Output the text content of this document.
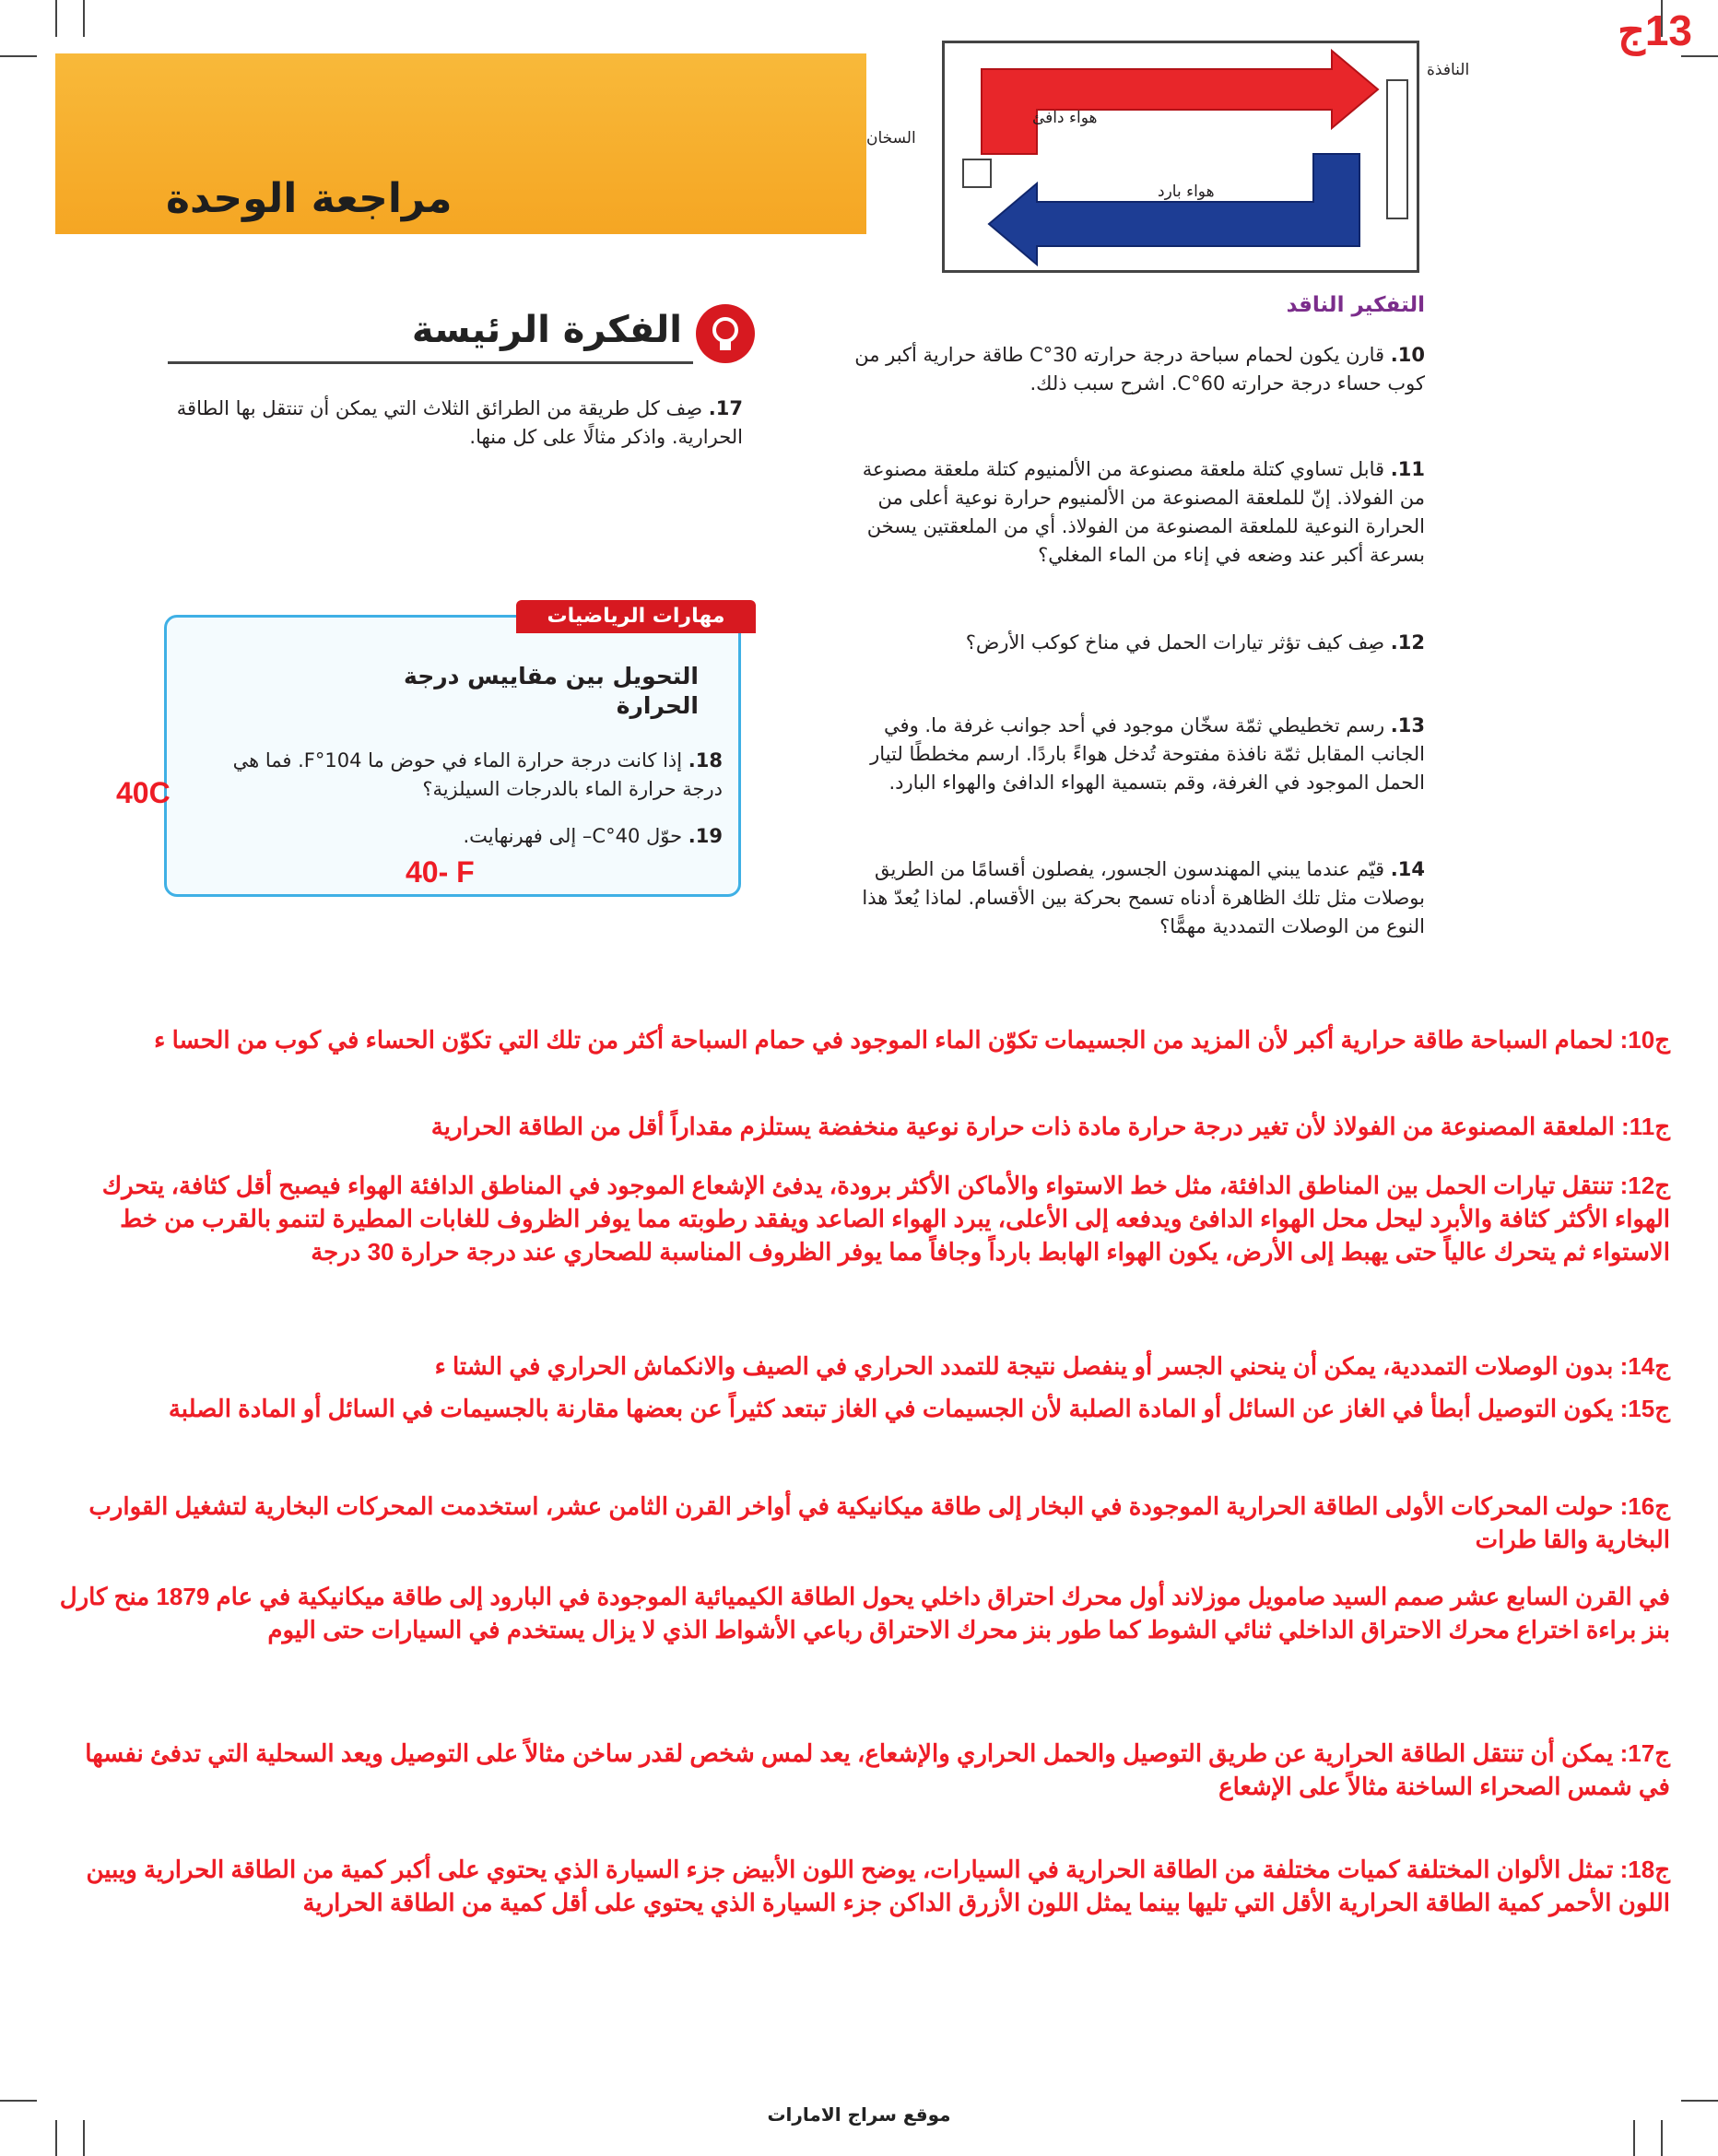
13ج
مراجعة الوحدة
النافذة
السخان
هواء دافئ
هواء بارد
الفكرة الرئيسة
17. صِف كل طريقة من الطرائق الثلاث التي يمكن أن تنتقل بها الطاقة الحرارية. واذكر مثالًا على كل منها.
مهارات الرياضيات
التحويل بين مقاييس درجة الحرارة
18. إذا كانت درجة حرارة الماء في حوض ما 104°F. فما هي درجة حرارة الماء بالدرجات السيلزية؟
19. حوّل 40°C– إلى فهرنهايت.
40C
40- F
التفكير الناقد
10. قارن يكون لحمام سباحة درجة حرارته 30°C طاقة حرارية أكبر من كوب حساء درجة حرارته 60°C. اشرح سبب ذلك.
11. قابل تساوي كتلة ملعقة مصنوعة من الألمنيوم كتلة ملعقة مصنوعة من الفولاذ. إنّ للملعقة المصنوعة من الألمنيوم حرارة نوعية أعلى من الحرارة النوعية للملعقة المصنوعة من الفولاذ. أي من الملعقتين يسخن بسرعة أكبر عند وضعه في إناء من الماء المغلي؟
12. صِف كيف تؤثر تيارات الحمل في مناخ كوكب الأرض؟
13. رسم تخطيطي ثمّة سخّان موجود في أحد جوانب غرفة ما. وفي الجانب المقابل ثمّة نافذة مفتوحة تُدخل هواءً باردًا. ارسم مخططًا لتيار الحمل الموجود في الغرفة، وقم بتسمية الهواء الدافئ والهواء البارد.
14. قيّم عندما يبني المهندسون الجسور، يفصلون أقسامًا من الطريق بوصلات مثل تلك الظاهرة أدناه تسمح بحركة بين الأقسام. لماذا يُعدّ هذا النوع من الوصلات التمددية مهمًّا؟
ج10: لحمام السباحة طاقة حرارية أكبر لأن المزيد من الجسيمات تكوّن الماء الموجود في حمام السباحة أكثر من تلك التي تكوّن الحساء في كوب من الحسا ء
ج11: الملعقة المصنوعة من الفولاذ لأن تغير درجة حرارة مادة ذات حرارة نوعية منخفضة يستلزم مقداراً أقل من الطاقة الحرارية
ج12: تنتقل تيارات الحمل بين المناطق الدافئة، مثل خط الاستواء والأماكن الأكثر برودة، يدفئ الإشعاع الموجود في المناطق الدافئة الهواء فيصبح أقل كثافة، يتحرك الهواء الأكثر كثافة والأبرد ليحل محل الهواء الدافئ ويدفعه إلى الأعلى، يبرد الهواء الصاعد ويفقد رطوبته مما يوفر الظروف للغابات المطيرة لتنمو بالقرب من خط الاستواء ثم يتحرك عالياً حتى يهبط إلى الأرض، يكون الهواء الهابط بارداً وجافاً مما يوفر الظروف المناسبة للصحاري عند درجة حرارة 30 درجة
ج14: بدون الوصلات التمددية، يمكن أن ينحني الجسر أو ينفصل نتيجة للتمدد الحراري في الصيف والانكماش الحراري في الشتا ء
ج15: يكون التوصيل أبطأ في الغاز عن السائل أو المادة الصلبة لأن الجسيمات في الغاز تبتعد كثيراً عن بعضها مقارنة بالجسيمات في السائل أو المادة الصلبة
ج16: حولت المحركات الأولى الطاقة الحرارية الموجودة في البخار إلى طاقة ميكانيكية في أواخر القرن الثامن عشر، استخدمت المحركات البخارية لتشغيل القوارب البخارية والقا طرات
في القرن السابع عشر صمم السيد صامويل موزلاند أول محرك احتراق داخلي يحول الطاقة الكيميائية الموجودة في البارود إلى طاقة ميكانيكية في عام 1879 منح كارل بنز براءة اختراع محرك الاحتراق الداخلي ثنائي الشوط كما طور بنز محرك الاحتراق رباعي الأشواط الذي لا يزال يستخدم في السيارات حتى اليوم
ج17: يمكن أن تنتقل الطاقة الحرارية عن طريق التوصيل والحمل الحراري والإشعاع، يعد لمس شخص لقدر ساخن مثالاً على التوصيل ويعد السحلية التي تدفئ نفسها في شمس الصحراء الساخنة مثالاً على الإشعاع
ج18: تمثل الألوان المختلفة كميات مختلفة من الطاقة الحرارية في السيارات، يوضح اللون الأبيض جزء السيارة الذي يحتوي على أكبر كمية من الطاقة الحرارية ويبين اللون الأحمر كمية الطاقة الحرارية الأقل التي تليها بينما يمثل اللون الأزرق الداكن جزء السيارة الذي يحتوي على أقل كمية من الطاقة الحرارية
موقع سراج الامارات
